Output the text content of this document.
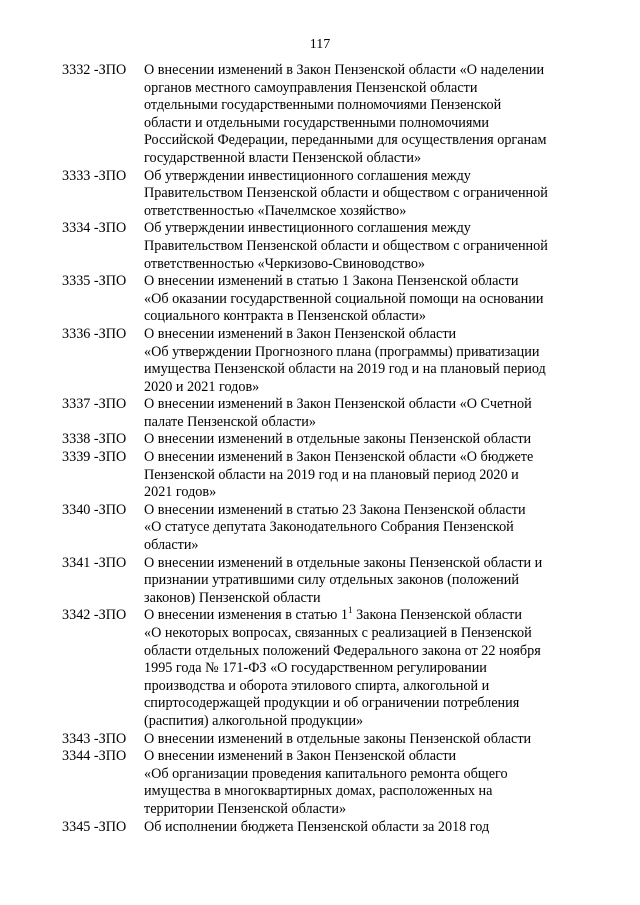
117
3332 -ЗПО	О внесении изменений в Закон Пензенской области «О наделении
органов местного самоуправления Пензенской области
отдельными государственными полномочиями Пензенской
области и отдельными государственными полномочиями
Российской Федерации, переданными для осуществления органам
государственной власти Пензенской области»
3333 -ЗПО	Об утверждении инвестиционного соглашения между
Правительством Пензенской области и обществом с ограниченной
ответственностью «Пачелмское хозяйство»
3334 -ЗПО	Об утверждении инвестиционного соглашения между
Правительством Пензенской области и обществом с ограниченной
ответственностью «Черкизово-Свиноводство»
3335 -ЗПО	О внесении изменений в статью 1 Закона Пензенской области
«Об оказании государственной социальной помощи на основании
социального контракта в Пензенской области»
3336 -ЗПО	О внесении изменений в Закон Пензенской области
«Об утверждении Прогнозного плана (программы) приватизации
имущества Пензенской области на 2019 год и на плановый период
2020 и 2021 годов»
3337 -ЗПО	О внесении изменений в Закон Пензенской области «О Счетной
палате Пензенской области»
3338 -ЗПО	О внесении изменений в отдельные законы Пензенской области
3339 -ЗПО	О внесении изменений в Закон Пензенской области «О бюджете
Пензенской области на 2019 год и на плановый период 2020 и
2021 годов»
3340 -ЗПО	О внесении изменений в статью 23 Закона Пензенской области
«О статусе депутата Законодательного Собрания Пензенской
области»
3341 -ЗПО	О внесении изменений в отдельные законы Пензенской области и
признании утратившими силу отдельных законов (положений
законов) Пензенской области
3342 -ЗПО	О внесении изменения в статью $1^1$ Закона Пензенской области
«О некоторых вопросах, связанных с реализацией в Пензенской
области отдельных положений Федерального закона от 22 ноября
1995 года № 171-ФЗ «О государственном регулировании
производства и оборота этилового спирта, алкогольной и
спиртосодержащей продукции и об ограничении потребления
(распития) алкогольной продукции»
3343 -ЗПО	О внесении изменений в отдельные законы Пензенской области
3344 -ЗПО	О внесении изменений в Закон Пензенской области
«Об организации проведения капитального ремонта общего
имущества в многоквартирных домах, расположенных на
территории Пензенской области»
3345 -ЗПО	Об исполнении бюджета Пензенской области за 2018 год
